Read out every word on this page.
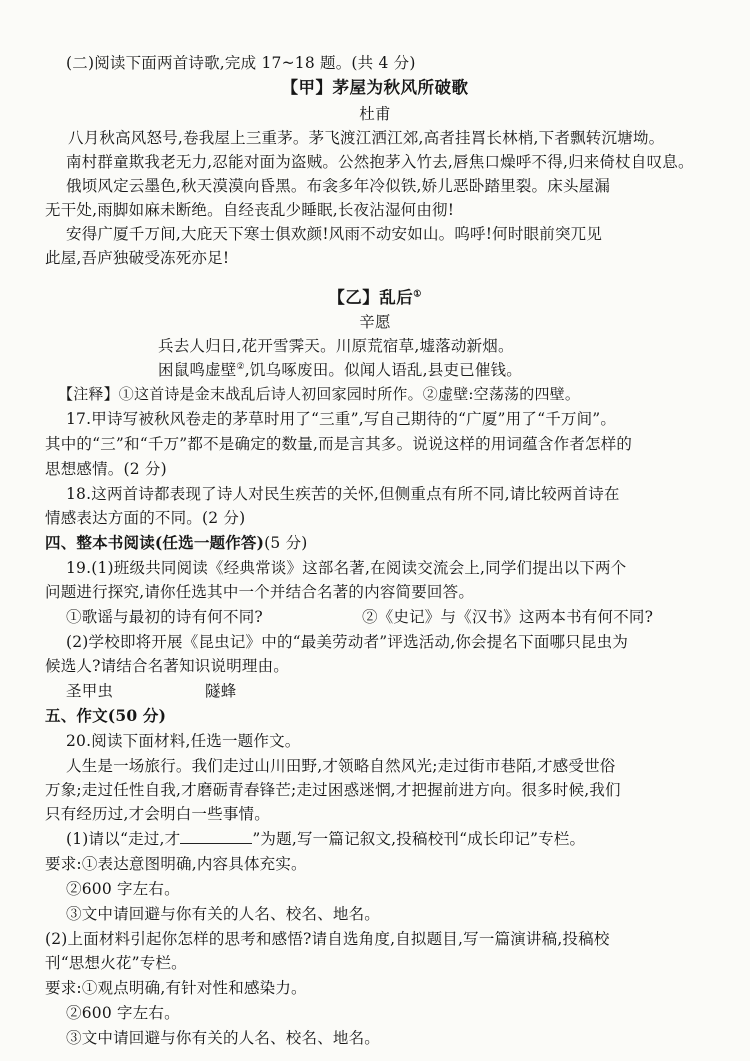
(二)阅读下面两首诗歌,完成 17~18 题。(共 4 分)
【甲】茅屋为秋风所破歌
杜甫
八月秋高风怒号,卷我屋上三重茅。茅飞渡江洒江郊,高者挂罥长林梢,下者飘转沉塘坳。
南村群童欺我老无力,忍能对面为盗贼。公然抱茅入竹去,唇焦口燥呼不得,归来倚杖自叹息。
俄顷风定云墨色,秋天漠漠向昏黑。布衾多年冷似铁,娇儿恶卧踏里裂。床头屋漏
无干处,雨脚如麻未断绝。自经丧乱少睡眠,长夜沾湿何由彻!
安得广厦千万间,大庇天下寒士俱欢颜!风雨不动安如山。呜呼!何时眼前突兀见
此屋,吾庐独破受冻死亦足!
【乙】乱后①
辛愿
兵去人归日,花开雪霁天。川原荒宿草,墟落动新烟。
困鼠鸣虚壁②,饥乌啄废田。似闻人语乱,县吏已催钱。
【注释】①这首诗是金末战乱后诗人初回家园时所作。②虚壁:空荡荡的四壁。
17.甲诗写被秋风卷走的茅草时用了“三重”,写自己期待的“广厦”用了“千万间”。
其中的“三”和“千万”都不是确定的数量,而是言其多。说说这样的用词蕴含作者怎样的
思想感情。(2 分)
18.这两首诗都表现了诗人对民生疾苦的关怀,但侧重点有所不同,请比较两首诗在
情感表达方面的不同。(2 分)
四、整本书阅读(任选一题作答)(5 分)
19.(1)班级共同阅读《经典常谈》这部名著,在阅读交流会上,同学们提出以下两个
问题进行探究,请你任选其中一个并结合名著的内容简要回答。
①歌谣与最初的诗有何不同?	②《史记》与《汉书》这两本书有何不同?
(2)学校即将开展《昆虫记》中的“最美劳动者”评选活动,你会提名下面哪只昆虫为
候选人?请结合名著知识说明理由。
圣甲虫	隧蜂
五、作文(50 分)
20.阅读下面材料,任选一题作文。
人生是一场旅行。我们走过山川田野,才领略自然风光;走过街市巷陌,才感受世俗
万象;走过任性自我,才磨砺青春锋芒;走过困惑迷惘,才把握前进方向。很多时候,我们
只有经历过,才会明白一些事情。
(1)请以“走过,才	”为题,写一篇记叙文,投稿校刊“成长印记”专栏。
要求:①表达意图明确,内容具体充实。
②600 字左右。
③文中请回避与你有关的人名、校名、地名。
(2)上面材料引起你怎样的思考和感悟?请自选角度,自拟题目,写一篇演讲稿,投稿校
刊“思想火花”专栏。
要求:①观点明确,有针对性和感染力。
②600 字左右。
③文中请回避与你有关的人名、校名、地名。
